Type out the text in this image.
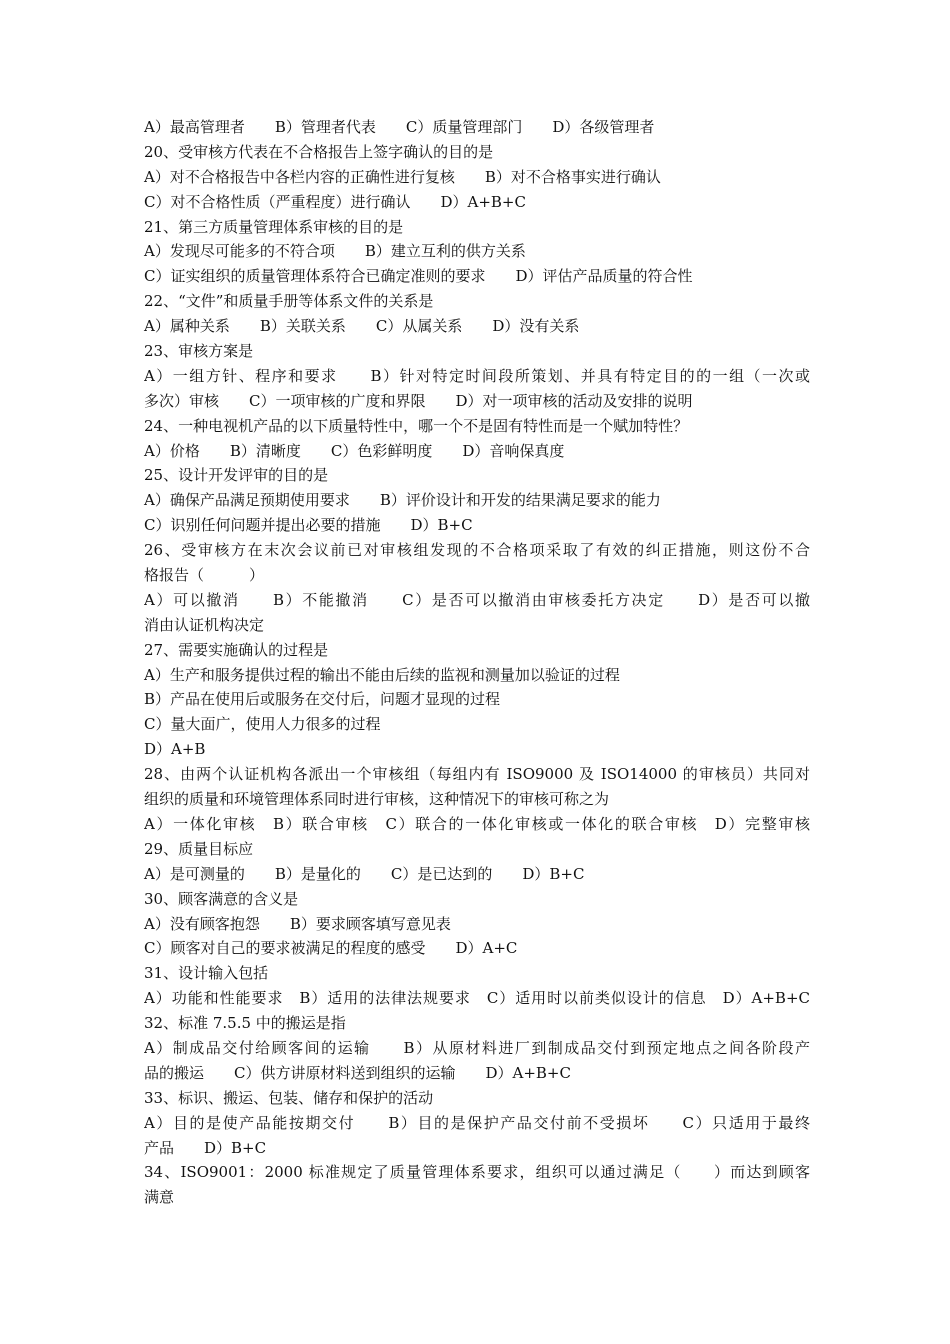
A）最高管理者　　B）管理者代表　　C）质量管理部门　　D）各级管理者
20、受审核方代表在不合格报告上签字确认的目的是
A）对不合格报告中各栏内容的正确性进行复核　　B）对不合格事实进行确认
C）对不合格性质（严重程度）进行确认　　D）A+B+C
21、第三方质量管理体系审核的目的是
A）发现尽可能多的不符合项　　B）建立互利的供方关系
C）证实组织的质量管理体系符合已确定准则的要求　　D）评估产品质量的符合性
22、“文件”和质量手册等体系文件的关系是
A）属种关系　　B）关联关系　　C）从属关系　　D）没有关系
23、审核方案是
A）一组方针、程序和要求　　B）针对特定时间段所策划、并具有特定目的的一组（一次或
多次）审核　　C）一项审核的广度和界限　　D）对一项审核的活动及安排的说明
24、一种电视机产品的以下质量特性中，哪一个不是固有特性而是一个赋加特性？
A）价格　　B）清晰度　　C）色彩鲜明度　　D）音响保真度
25、设计开发评审的目的是
A）确保产品满足预期使用要求　　B）评价设计和开发的结果满足要求的能力
C）识别任何问题并提出必要的措施　　D）B+C
26、受审核方在末次会议前已对审核组发现的不合格项采取了有效的纠正措施，则这份不合
格报告（　　　）
A）可以撤消　　B）不能撤消　　C）是否可以撤消由审核委托方决定　　D）是否可以撤
消由认证机构决定
27、需要实施确认的过程是
A）生产和服务提供过程的输出不能由后续的监视和测量加以验证的过程
B）产品在使用后或服务在交付后，问题才显现的过程
C）量大面广，使用人力很多的过程
D）A+B
28、由两个认证机构各派出一个审核组（每组内有 ISO9000 及 ISO14000 的审核员）共同对
组织的质量和环境管理体系同时进行审核，这种情况下的审核可称之为
A）一体化审核　B）联合审核　C）联合的一体化审核或一体化的联合审核　D）完整审核
29、质量目标应
A）是可测量的　　B）是量化的　　C）是已达到的　　D）B+C
30、顾客满意的含义是
A）没有顾客抱怨　　B）要求顾客填写意见表
C）顾客对自己的要求被满足的程度的感受　　D）A+C
31、设计输入包括
A）功能和性能要求　B）适用的法律法规要求　C）适用时以前类似设计的信息　D）A+B+C
32、标准 7.5.5 中的搬运是指
A）制成品交付给顾客间的运输　　B）从原材料进厂到制成品交付到预定地点之间各阶段产
品的搬运　　C）供方讲原材料送到组织的运输　　D）A+B+C
33、标识、搬运、包装、储存和保护的活动
A）目的是使产品能按期交付　　B）目的是保护产品交付前不受损坏　　C）只适用于最终
产品　　D）B+C
34、ISO9001：2000 标准规定了质量管理体系要求，组织可以通过满足（　　）而达到顾客
满意
